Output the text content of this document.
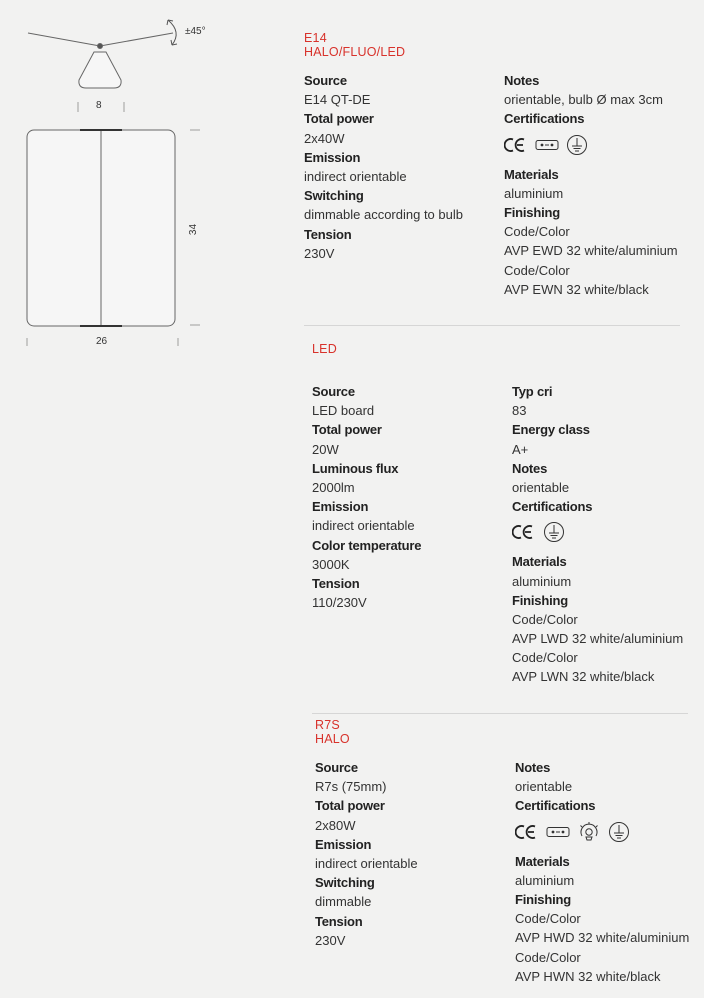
±45°
8
34
26
E14 HALO/FLUO/LED
Source
E14 QT-DE
Total power
2x40W
Emission
indirect orientable
Switching
dimmable according to bulb
Tension
230V
Notes
orientable, bulb Ø max 3cm
Certifications
Materials
aluminium
Finishing
Code/Color
AVP EWD 32 white/aluminium
Code/Color
AVP EWN 32 white/black
LED
Source
LED board
Total power
20W
Luminous flux
2000lm
Emission
indirect orientable
Color temperature
3000K
Tension
110/230V
Typ cri
83
Energy class
A+
Notes
orientable
Certifications
Materials
aluminium
Finishing
Code/Color
AVP LWD 32 white/aluminium
Code/Color
AVP LWN 32 white/black
R7S HALO
Source
R7s (75mm)
Total power
2x80W
Emission
indirect orientable
Switching
dimmable
Tension
230V
Notes
orientable
Certifications
Materials
aluminium
Finishing
Code/Color
AVP HWD 32 white/aluminium
Code/Color
AVP HWN 32 white/black
